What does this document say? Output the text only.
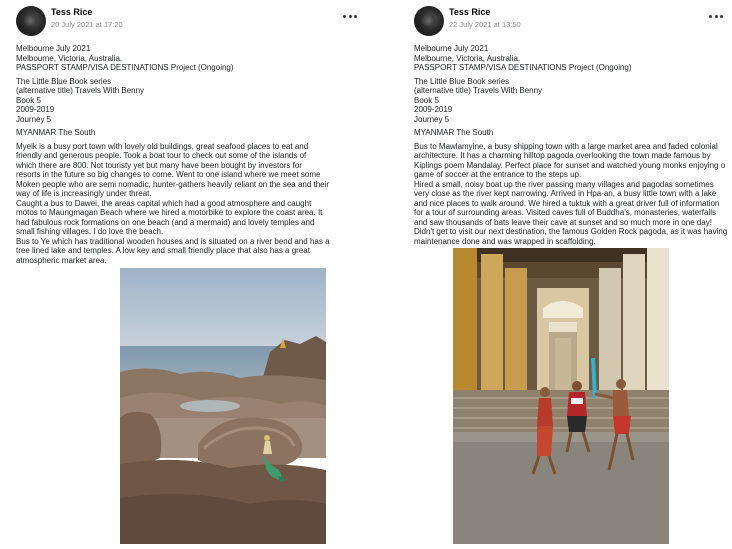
Tess Rice
20 July 2021 at 17:20
Melbourne July 2021
Melbourne, Victoria, Australia.
PASSPORT STAMP/VISA DESTINATIONS Project (Ongoing)
The Little Blue Book series
(alternative title) Travels With Benny
Book 5
2009-2019
Journey 5
MYANMAR The South
Myeik is a busy port town with lovely old buildings, great seafood places to eat and
friendly and generous people. Took a boat tour to check out some of the islands of
which there are 800. Not touristy yet but many have been bought by investors for
resorts in the future so big changes to come. Went to one island where we meet some
Moken people who are semi nomadic, hunter-gathers heavily reliant on the sea and their
way of life is increasingly under threat.
Caught a bus to Dawei, the areas capital which had a good atmosphere and caught
motos to Maungmagan Beach where we hired a motorbike to explore the coast area. It
had fabulous rock formations on one beach (and a mermaid) and lovely temples and
small fishing villages. I do love the beach.
Bus to Ye which has traditional wooden houses and is situated on a river bend and has a
tree lined lake and temples. A low key and small friendly place that also has a great
atmospheric market area.
Tess Rice
22 July 2021 at 13:50
Melbourne July 2021
Melbourne, Victoria, Australia.
PASSPORT STAMP/VISA DESTINATIONS Project (Ongoing)
The Little Blue Book series
(alternative title) Travels With Benny
Book 5
2009-2019
Journey 5
MYANMAR The South
Bus to Mawlamyine, a busy shipping town with a large market area and faded colonial
architecture. It has a charming hilltop pagoda overlooking the town made famous by
Kiplings poem Mandalay. Perfect place for sunset and watched young monks enjoying o
game of soccer at the entrance to the steps up.
Hired a small, noisy boat up the river passing many villages and pagodas sometimes
very close as the river kept narrowing. Arrived in Hpa-an, a busy little town with a lake
and nice places to walk around. We hired a tuktuk with a great driver full of information
for a tour of surrounding areas. Visited caves full of Buddha's, monasteries, waterfalls
and saw thousands of bats leave their cave at sunset and so much more in one day!
Didn't get to visit our next destination, the famous Golden Rock pagoda, as it was having
maintenance done and was wrapped in scaffolding.
